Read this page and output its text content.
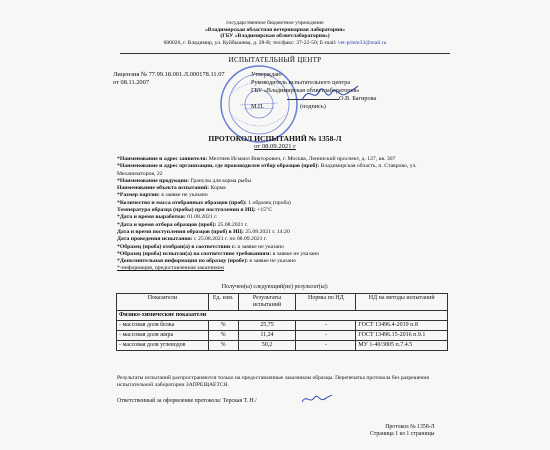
государственное бюджетное учреждение
«Владимирская областная ветеринарная лаборатория»
(ГБУ «Владимирская облветлаборатория»)
600026, г. Владимир, ул. Куйбышева, д. 28-В; тел/факс: 37-22-50; E-mail: vet-priem33@mail.ru
ИСПЫТАТЕЛЬНЫЙ ЦЕНТР
Лицензия № 77.99.18.001.Л.000178.11.07
от 08.11.2007
Утверждаю
Руководитель испытательного центра
ГБУ «Владимирская облветлаборатория»
О.В. Багирова
М.П.	(подпись)
ПРОТОКОЛ ИСПЫТАНИЙ № 1358-Л
от 08.09.2021 г
*Наименование и адрес заявителя: Мехтиев Исмаил Викторович, г. Москва, Ленинский проспект, д. 127, кв. 307
*Наименование и адрес организации, где производилея отбор образцов (проб): Владимирская область, п. Ставрово, ул. Механизаторов, 22
*Наименование продукции: Гранулы для корма рыбы
Наименование объекта испытаний: Корма
*Размер партии: в заявке не указано
*Количество и масса отобранных образцов (проб): 1 образец (проба)
Температура образца (пробы) при поступлении в ИЦ: +15°С
*Дата и время выработки: 01.08.2021 г.
*Дата и время отбора образцов (проб): 25.08.2021 г.
Дата и время поступления образцов (проб) в ИЦ: 25.08.2021 г. 14:20
Дата проведения испытания: с 25.08.2021 г. по 08.09.2021 г.
*Образец (проба) отобран(а) в соответствии с: в заявке не указано
*Образец (проба) испытан(а) на соответствие требованиям: в заявке не указано
*Дополнительная информация по образцу (пробе): в заявке не указано
*-информация, предоставленная заказчиком
Получен(ы) следующий(ие) результат(ы):
Показатели	Ед. изм.	Результаты испытаний	Нормы по НД	НД на методы испытаний
Физико-химические показатели				
- массовая доля белка	%	25,75	-	ГОСТ 13496.4-2019 п.8
- массовая доля жира	%	11,24	-	ГОСТ 13496.15-2016 п.9.1
- массовая доля углеводов	%	50,2	-	МУ 1-40/3805 п.7.4.5
Результаты испытаний распространяются только на предоставленные заказчиком образцы. Перепечатка протокола без разрешения испытательной лаборатории ЗАПРЕЩАЕТСЯ.
Ответственный за оформление протокола: Терская Т. Н./
Протокол № 1358-Л
Страница 1 из 1 страницы
